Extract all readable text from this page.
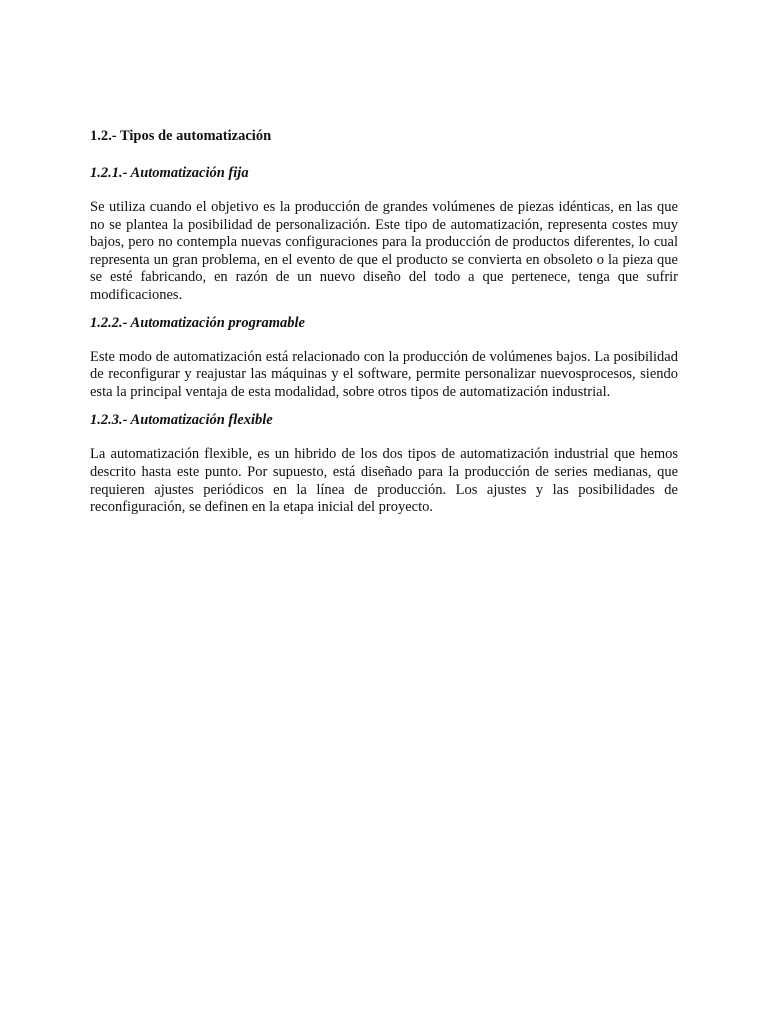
1.2.- Tipos de automatización
1.2.1.- Automatización fija
Se utiliza cuando el objetivo es la producción de grandes volúmenes de piezas idénticas, en las que no se plantea la posibilidad de personalización. Este tipo de automatización, representa costes muy bajos, pero no contempla nuevas configuraciones para la producción de productos diferentes, lo cual representa un gran problema, en el evento de que el producto se convierta en obsoleto o la pieza que se esté fabricando, en razón de un nuevo diseño del todo a que pertenece, tenga que sufrir modificaciones.
1.2.2.- Automatización programable
Este modo de automatización está relacionado con la producción de volúmenes bajos. La posibilidad de reconfigurar y reajustar las máquinas y el software, permite personalizar nuevosprocesos, siendo esta la principal ventaja de esta modalidad, sobre otros tipos de automatización industrial.
1.2.3.- Automatización flexible
La automatización flexible, es un hibrido de los dos tipos de automatización industrial que hemos descrito hasta este punto. Por supuesto, está diseñado para la producción de series medianas, que requieren ajustes periódicos en la línea de producción. Los ajustes y las posibilidades de reconfiguración, se definen en la etapa inicial del proyecto.
